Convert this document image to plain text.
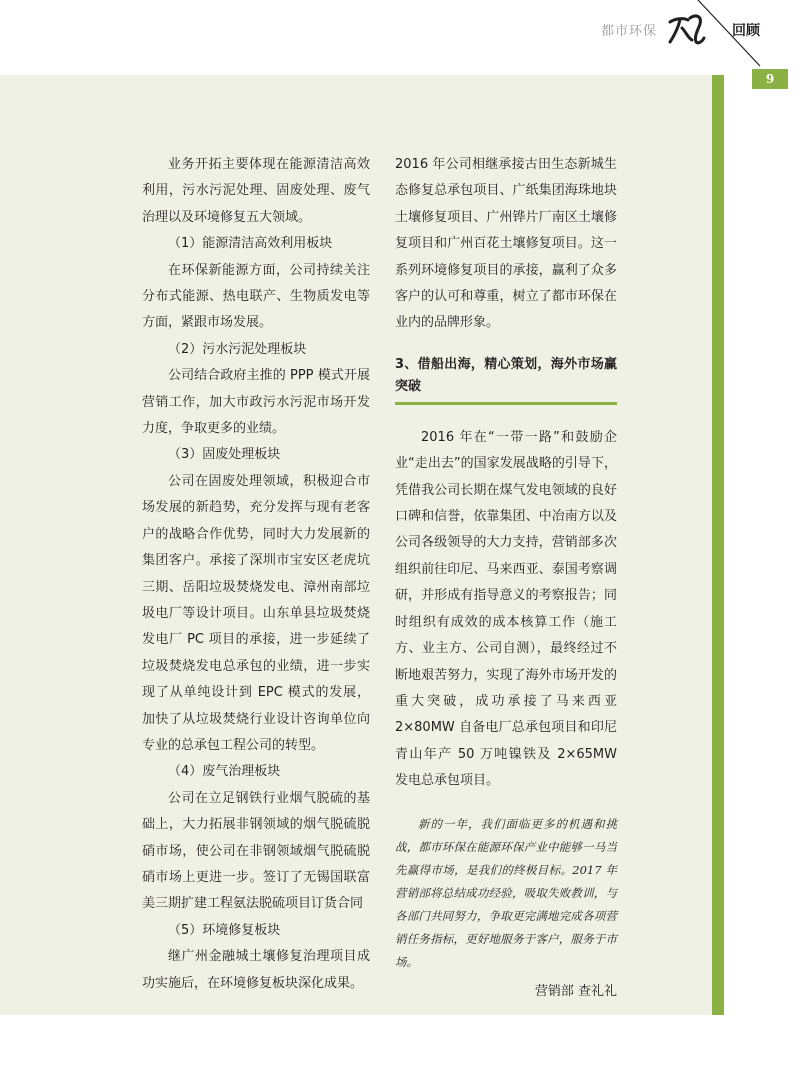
都市环保	回顾
9

业务开拓主要体现在能源清洁高效利用，污水污泥处理、固废处理、废气治理以及环境修复五大领域。

（1）能源清洁高效利用板块

在环保新能源方面，公司持续关注分布式能源、热电联产、生物质发电等方面，紧跟市场发展。

（2）污水污泥处理板块

公司结合政府主推的 PPP 模式开展营销工作，加大市政污水污泥市场开发力度，争取更多的业绩。

（3）固废处理板块

公司在固废处理领域，积极迎合市场发展的新趋势，充分发挥与现有老客户的战略合作优势，同时大力发展新的集团客户。承接了深圳市宝安区老虎坑三期、岳阳垃圾焚烧发电、漳州南部垃圾电厂等设计项目。山东单县垃圾焚烧发电厂 PC 项目的承接，进一步延续了垃圾焚烧发电总承包的业绩，进一步实现了从单纯设计到 EPC 模式的发展，加快了从垃圾焚烧行业设计咨询单位向专业的总承包工程公司的转型。

（4）废气治理板块

公司在立足钢铁行业烟气脱硫的基础上，大力拓展非钢领域的烟气脱硫脱硝市场，使公司在非钢领域烟气脱硫脱硝市场上更进一步。签订了无锡国联富美三期扩建工程氨法脱硫项目订货合同

（5）环境修复板块

继广州金融城土壤修复治理项目成功实施后，在环境修复板块深化成果。

2016 年公司相继承接古田生态新城生态修复总承包项目、广纸集团海珠地块土壤修复项目、广州铧片厂南区土壤修复项目和广州百花土壤修复项目。这一系列环境修复项目的承接，赢利了众多客户的认可和尊重，树立了都市环保在业内的品牌形象。

3、借船出海，精心策划，海外市场赢突破

2016 年在“一带一路”和鼓励企业“走出去”的国家发展战略的引导下，凭借我公司长期在煤气发电领域的良好口碑和信誉，依靠集团、中冶南方以及公司各级领导的大力支持，营销部多次组织前往印尼、马来西亚、泰国考察调研，并形成有指导意义的考察报告；同时组织有成效的成本核算工作（施工方、业主方、公司自测），最终经过不断地艰苦努力，实现了海外市场开发的重大突破，成功承接了马来西亚 2×80MW 自备电厂总承包项目和印尼青山年产 50 万吨镍铁及 2×65MW 发电总承包项目。

新的一年，我们面临更多的机遇和挑战，都市环保在能源环保产业中能够一马当先赢得市场，是我们的终极目标。2017 年营销部将总结成功经验，吸取失败教训，与各部门共同努力，争取更完满地完成各项营销任务指标，更好地服务于客户，服务于市场。

营销部 查礼礼
